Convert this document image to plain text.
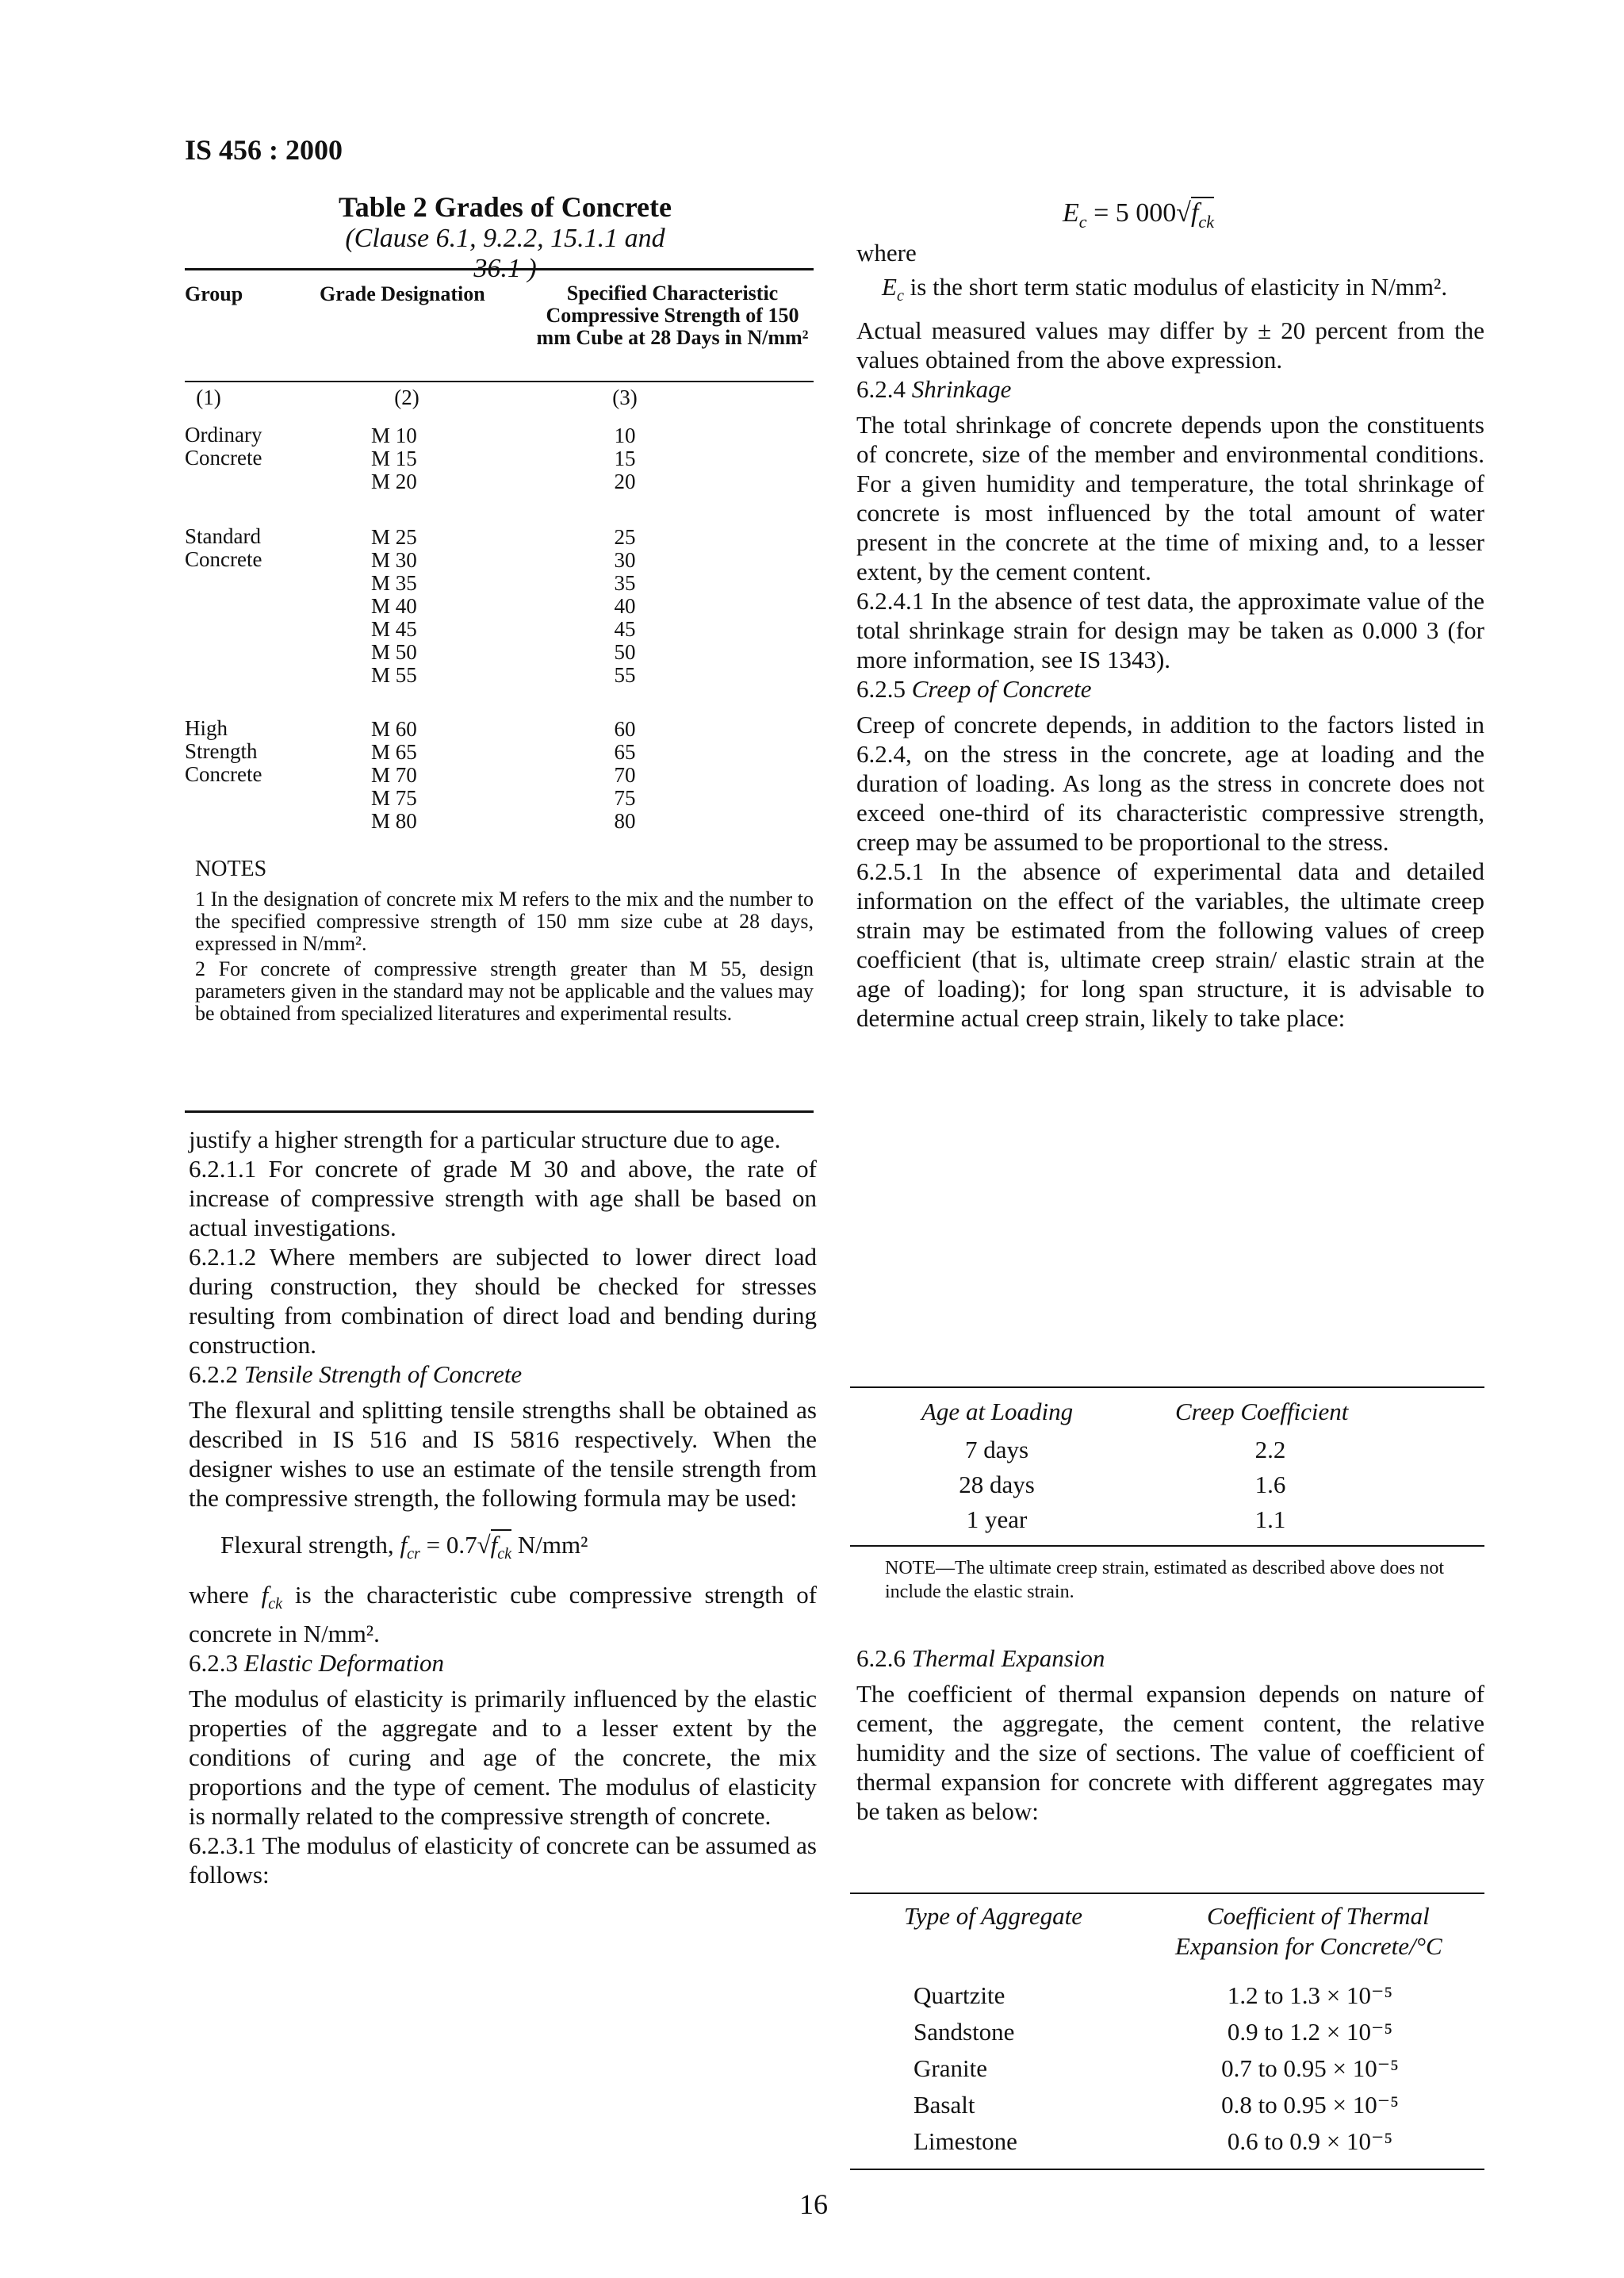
IS 456 : 2000
Table 2 Grades of Concrete
(Clause 6.1, 9.2.2, 15.1.1 and 36.1 )
Group	Grade Designation	Specified Characteristic Compressive Strength of 150 mm Cube at 28 Days in N/mm²
(1)	(2)	(3)
Ordinary Concrete
M 10	10
M 15	15
M 20	20
Standard Concrete
M 25	25
M 30	30
M 35	35
M 40	40
M 45	45
M 50	50
M 55	55
High Strength Concrete
M 60	60
M 65	65
M 70	70
M 75	75
M 80	80

NOTES

1 In the designation of concrete mix M refers to the mix and the number to the specified compressive strength of 150 mm size cube at 28 days, expressed in N/mm².

2 For concrete of compressive strength greater than M 55, design parameters given in the standard may not be applicable and the values may be obtained from specialized literatures and experimental results.

justify a higher strength for a particular structure due to age.

6.2.1.1 For concrete of grade M 30 and above, the rate of increase of compressive strength with age shall be based on actual investigations.

6.2.1.2 Where members are subjected to lower direct load during construction, they should be checked for stresses resulting from combination of direct load and bending during construction.

6.2.2 Tensile Strength of Concrete

The flexural and splitting tensile strengths shall be obtained as described in IS 516 and IS 5816 respectively. When the designer wishes to use an estimate of the tensile strength from the compressive strength, the following formula may be used:

Flexural strength, $f_{cr} = 0.7√f_{ck}$ N/mm²

where $f_{ck}$ is the characteristic cube compressive strength of concrete in N/mm².

6.2.3 Elastic Deformation

The modulus of elasticity is primarily influenced by the elastic properties of the aggregate and to a lesser extent by the conditions of curing and age of the concrete, the mix proportions and the type of cement. The modulus of elasticity is normally related to the compressive strength of concrete.

6.2.3.1 The modulus of elasticity of concrete can be assumed as follows:

$E_c = 5$ $000√f_{ck}$

where

$E_c$ is the short term static modulus of elasticity in N/mm².

Actual measured values may differ by ± 20 percent from the values obtained from the above expression.

6.2.4 Shrinkage

The total shrinkage of concrete depends upon the constituents of concrete, size of the member and environmental conditions. For a given humidity and temperature, the total shrinkage of concrete is most influenced by the total amount of water present in the concrete at the time of mixing and, to a lesser extent, by the cement content.

6.2.4.1 In the absence of test data, the approximate value of the total shrinkage strain for design may be taken as 0.000 3 (for more information, see IS 1343).

6.2.5 Creep of Concrete

Creep of concrete depends, in addition to the factors listed in 6.2.4, on the stress in the concrete, age at loading and the duration of loading. As long as the stress in concrete does not exceed one-third of its characteristic compressive strength, creep may be assumed to be proportional to the stress.

6.2.5.1 In the absence of experimental data and detailed information on the effect of the variables, the ultimate creep strain may be estimated from the following values of creep coefficient (that is, ultimate creep strain/ elastic strain at the age of loading); for long span structure, it is advisable to determine actual creep strain, likely to take place:

Age at Loading	Creep Coefficient
7 days	2.2
28 days	1.6
1 year	1.1
NOTE—The ultimate creep strain, estimated as described above does not include the elastic strain.

6.2.6 Thermal Expansion

The coefficient of thermal expansion depends on nature of cement, the aggregate, the cement content, the relative humidity and the size of sections. The value of coefficient of thermal expansion for concrete with different aggregates may be taken as below:

Type of Aggregate	Coefficient of Thermal
Expansion for Concrete/°C
Quartzite	1.2 to 1.3 × 10⁻⁵
Sandstone	0.9 to 1.2 × 10⁻⁵
Granite	0.7 to 0.95 × 10⁻⁵
Basalt	0.8 to 0.95 × 10⁻⁵
Limestone	0.6 to 0.9 × 10⁻⁵
16
